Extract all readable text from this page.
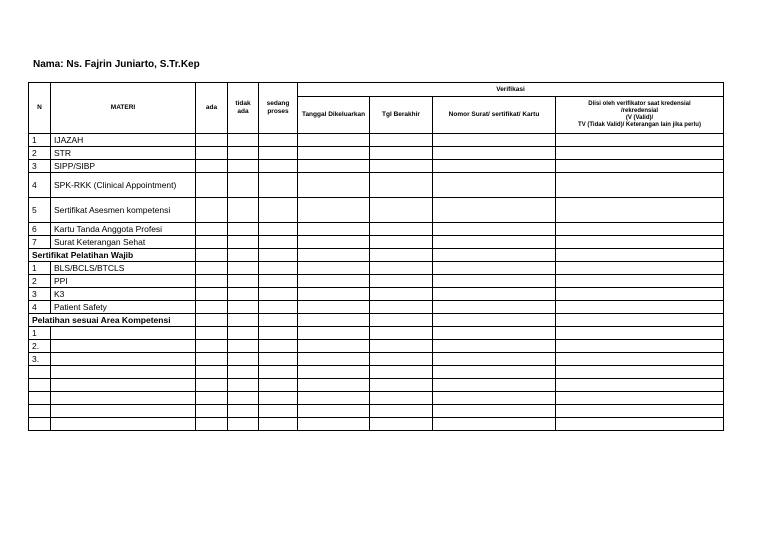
Nama: Ns. Fajrin Juniarto, S.Tr.Kep
N	MATERI	ada	tidak ada	sedang proses	Verifikasi			
					Tanggal Dikeluarkan	Tgl Berakhir	Nomor Surat/ sertifikat/ Kartu	Diisi oleh verifikator saat kredensial
/rekredensial
(V (Valid)/
TV (Tidak Valid)/ Keterangan lain jika perlu)

1	IJAZAH							
2	STR							
3	SIPP/SIBP							
4	SPK-RKK (Clinical Appointment)							
5	Sertifikat Asesmen kompetensi							
6	Kartu Tanda Anggota Profesi							
7	Surat Keterangan Sehat							
Sertifikat Pelatihan Wajib								
1	BLS/BCLS/BTCLS							
2	PPI							
3	K3							
4	Patient Safety							
Pelatihan sesuai Area Kompetensi								
1								
2.								
3.								
